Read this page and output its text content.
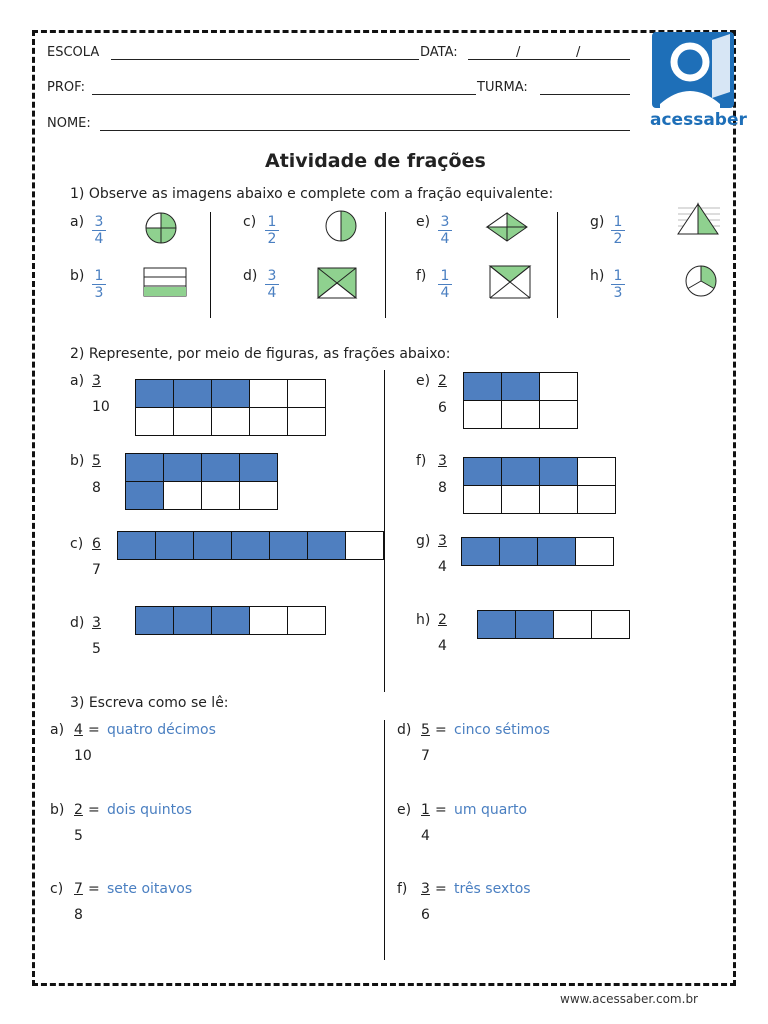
ESCOLA	DATA:	/	/
PROF:	TURMA:
NOME:	acessaber
Atividade de frações
1) Observe as imagens abaixo e complete com a fração equivalente:
$a) \frac{3}{4}$
$b) \frac{1}{3}$
$c) \frac{1}{2}$
$d) \frac{3}{4}$
$e) \frac{3}{4}$
$f) \frac{1}{4}$
$g) \frac{1}{2}$
$h) \frac{1}{3}$
2) Represente, por meio de figuras, as frações abaixo:
a) 3
10
b) 5
8
c) 6
7
d) 3
5
e) 2
6
f) 3
8
g) 3
4
h) 2
4

3) Escreva como se lê:
a) 4 = quatro décimos
10
b) 2 = dois quintos
5
c) 7 = sete oitavos
8
d) 5 = cinco sétimos
7
e) 1 = um quarto
4
f) 3 = três sextos
6
www.acessaber.com.br
